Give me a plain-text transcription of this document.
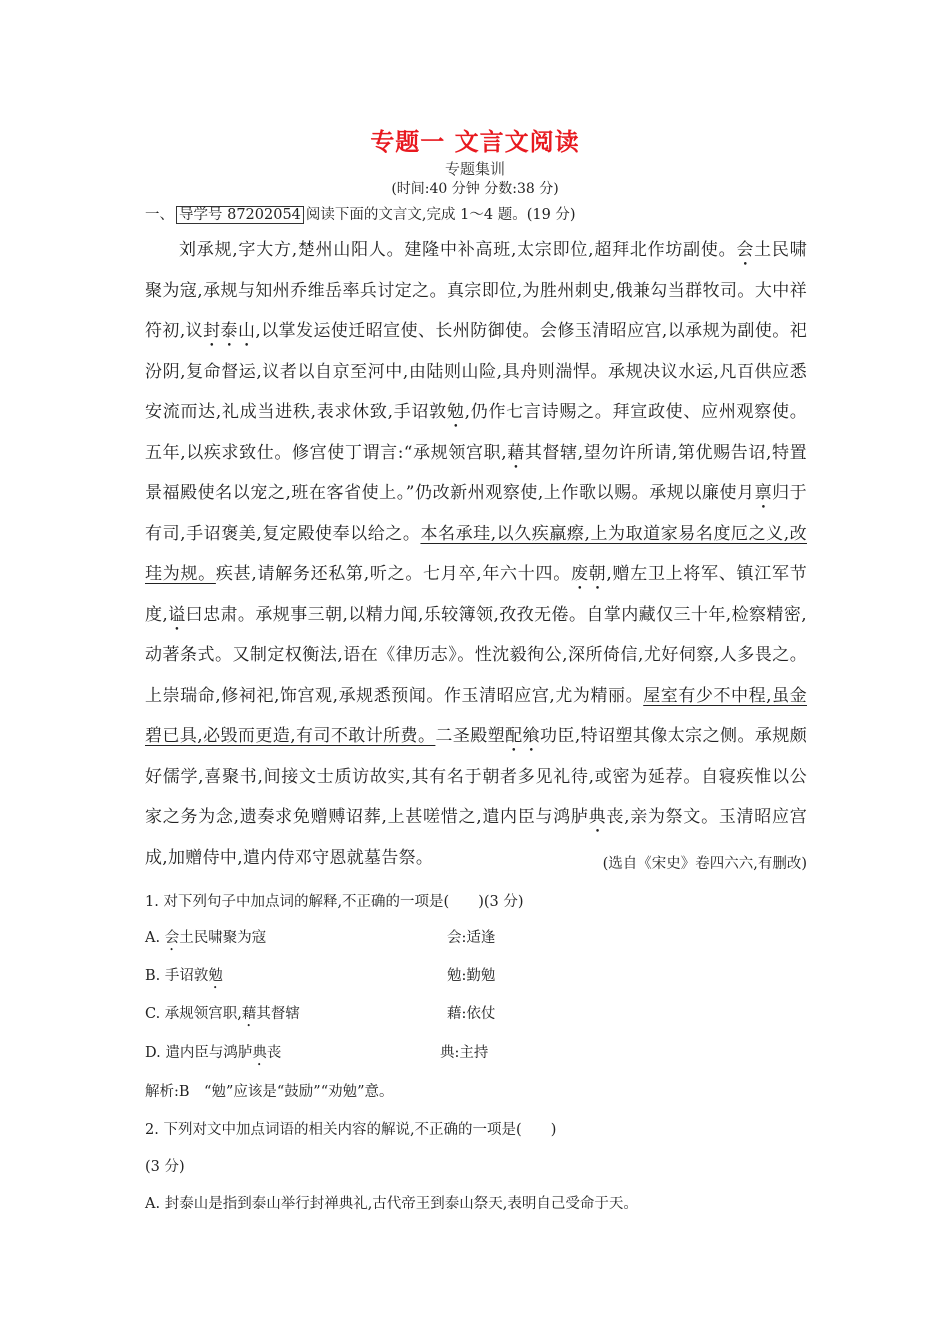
专题一 文言文阅读
专题集训
(时间:40 分钟 分数:38 分)
一、 导学号 87202054 阅读下面的文言文,完成 1～4 题。(19 分)
刘承规,字大方,楚州山阳人。建隆中补高班,太宗即位,超拜北作坊副使。会土民啸聚为寇,承规与知州乔维岳率兵讨定之。真宗即位,为胜州刺史,俄兼勾当群牧司。大中祥符初,议封泰山,以掌发运使迁昭宣使、长州防御使。会修玉清昭应宫,以承规为副使。祀汾阴,复命督运,议者以自京至河中,由陆则山险,具舟则湍悍。承规决议水运,凡百供应悉安流而达,礼成当进秩,表求休致,手诏敦勉,仍作七言诗赐之。拜宣政使、应州观察使。五年,以疾求致仕。修宫使丁谓言:“承规领宫职,藉其督辖,望勿许所请,第优赐告诏,特置景福殿使名以宠之,班在客省使上。”仍改新州观察使,上作歌以赐。承规以廉使月禀归于有司,手诏褒美,复定殿使奉以给之。本名承珪,以久疾羸瘵,上为取道家易名度厄之义,改珪为规。疾甚,请解务还私第,听之。七月卒,年六十四。废朝,赠左卫上将军、镇江军节度,谥曰忠肃。承规事三朝,以精力闻,乐较簿领,孜孜无倦。自掌内藏仅三十年,检察精密,动著条式。又制定权衡法,语在《律历志》。性沈毅徇公,深所倚信,尤好伺察,人多畏之。上崇瑞命,修祠祀,饰宫观,承规悉预闻。作玉清昭应宫,尤为精丽。屋室有少不中程,虽金碧已具,必毁而更造,有司不敢计所费。二圣殿塑配飨功臣,特诏塑其像太宗之侧。承规颇好儒学,喜聚书,间接文士质访故实,其有名于朝者多见礼待,或密为延荐。自寝疾惟以公家之务为念,遗奏求免赠赙诏葬,上甚嗟惜之,遣内臣与鸿胪典丧,亲为祭文。玉清昭应宫成,加赠侍中,遣内侍邓守恩就墓告祭。	(选自《宋史》卷四六六,有删改)
1. 对下列句子中加点词的解释,不正确的一项是(　　)(3 分)
A. 会土民啸聚为寇	会:适逢
B. 手诏敦勉	勉:勤勉
C. 承规领宫职,藉其督辖	藉:依仗
D. 遣内臣与鸿胪典丧	典:主持
解析:B　“勉”应该是“鼓励”“劝勉”意。
2. 下列对文中加点词语的相关内容的解说,不正确的一项是(　　)
(3 分)
A. 封泰山是指到泰山举行封禅典礼,古代帝王到泰山祭天,表明自己受命于天。
